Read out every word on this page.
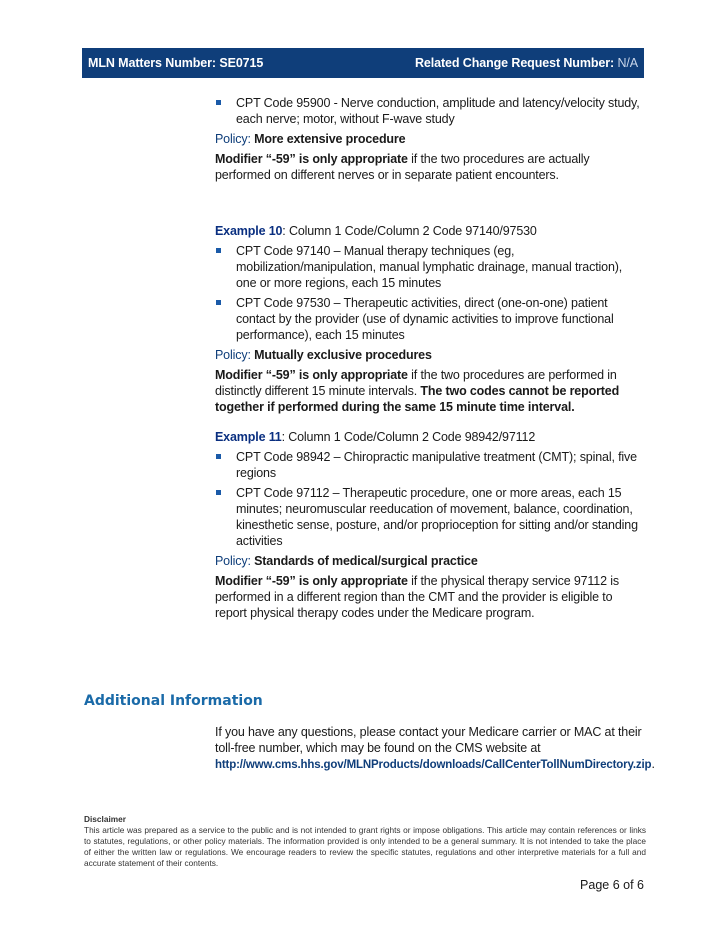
MLN Matters Number: SE0715	Related Change Request Number: N/A
CPT Code 95900 - Nerve conduction, amplitude and latency/velocity study, each nerve; motor, without F-wave study

Policy: More extensive procedure

Modifier “-59” is only appropriate if the two procedures are actually performed on different nerves or in separate patient encounters.

Example 10: Column 1 Code/Column 2 Code 97140/97530

CPT Code 97140 – Manual therapy techniques (eg, mobilization/manipulation, manual lymphatic drainage, manual traction), one or more regions, each 15 minutes
CPT Code 97530 – Therapeutic activities, direct (one-on-one) patient contact by the provider (use of dynamic activities to improve functional performance), each 15 minutes

Policy: Mutually exclusive procedures

Modifier “-59” is only appropriate if the two procedures are performed in distinctly different 15 minute intervals. The two codes cannot be reported together if performed during the same 15 minute time interval.

Example 11: Column 1 Code/Column 2 Code 98942/97112

CPT Code 98942 – Chiropractic manipulative treatment (CMT); spinal, five regions
CPT Code 97112 – Therapeutic procedure, one or more areas, each 15 minutes; neuromuscular reeducation of movement, balance, coordination, kinesthetic sense, posture, and/or proprioception for sitting and/or standing activities

Policy: Standards of medical/surgical practice

Modifier “-59” is only appropriate if the physical therapy service 97112 is performed in a different region than the CMT and the provider is eligible to report physical therapy codes under the Medicare program.

Additional Information
If you have any questions, please contact your Medicare carrier or MAC at their toll-free number, which may be found on the CMS website at http://www.cms.hhs.gov/MLNProducts/downloads/CallCenterTollNumDirectory.zip.
Disclaimer
This article was prepared as a service to the public and is not intended to grant rights or impose obligations. This article may contain references or links to statutes, regulations, or other policy materials. The information provided is only intended to be a general summary. It is not intended to take the place of either the written law or regulations. We encourage readers to review the specific statutes, regulations and other interpretive materials for a full and accurate statement of their contents.
Page 6 of 6
